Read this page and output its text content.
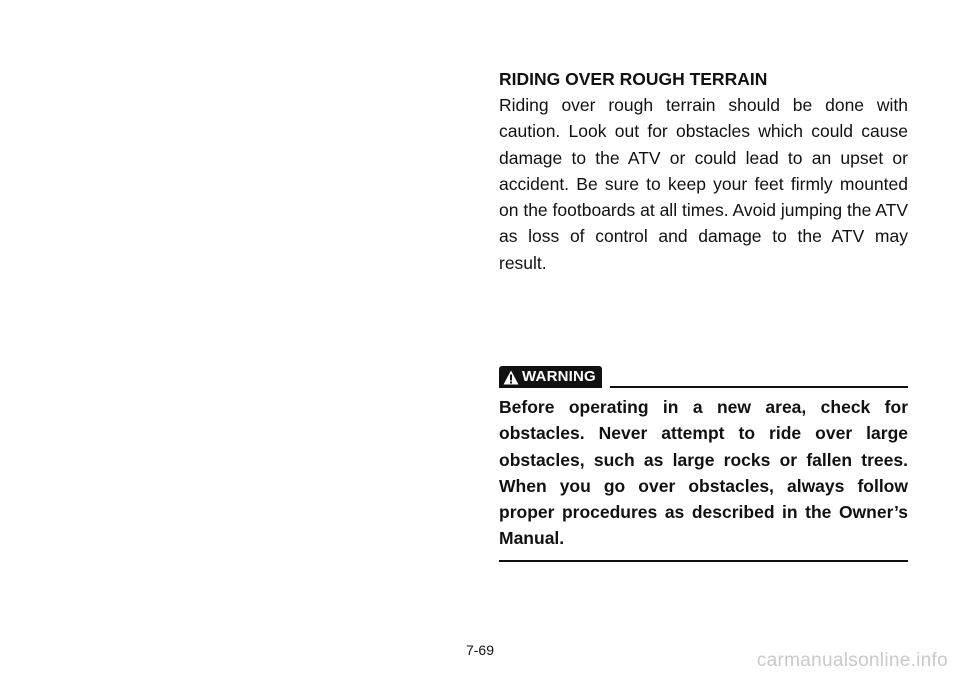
RIDING OVER ROUGH TERRAIN

Riding over rough terrain should be done with caution. Look out for obstacles which could cause damage to the ATV or could lead to an upset or accident. Be sure to keep your feet firmly mounted on the footboards at all times. Avoid jumping the ATV as loss of control and damage to the ATV may result.

WARNING

Before operating in a new area, check for obstacles. Never attempt to ride over large obstacles, such as large rocks or fallen trees. When you go over obstacles, always follow proper procedures as described in the Owner’s Manual.

7-69	carmanualsonline.info
